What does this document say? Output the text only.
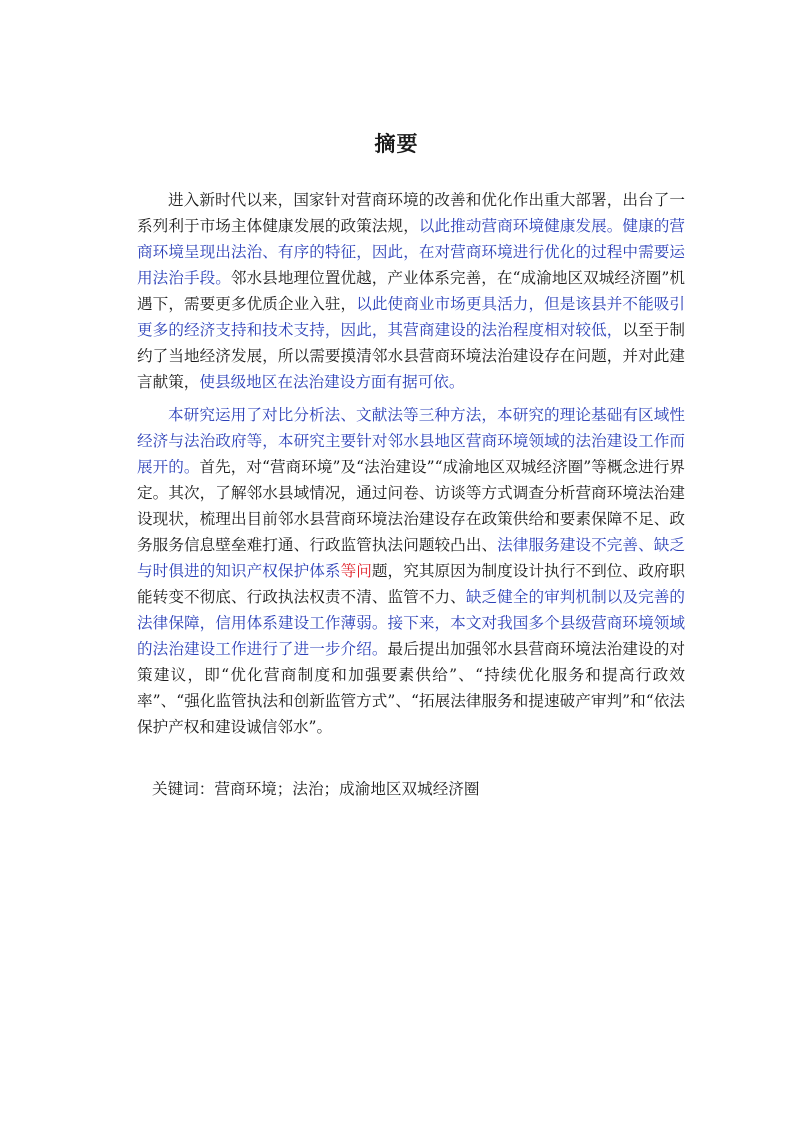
摘要

进入新时代以来，国家针对营商环境的改善和优化作出重大部署，出台了一系列利于市场主体健康发展的政策法规，以此推动营商环境健康发展。健康的营商环境呈现出法治、有序的特征，因此，在对营商环境进行优化的过程中需要运用法治手段。邻水县地理位置优越，产业体系完善，在“成渝地区双城经济圈”机遇下，需要更多优质企业入驻，以此使商业市场更具活力，但是该县并不能吸引更多的经济支持和技术支持，因此，其营商建设的法治程度相对较低，以至于制约了当地经济发展，所以需要摸清邻水县营商环境法治建设存在问题，并对此建言献策，使县级地区在法治建设方面有据可依。

本研究运用了对比分析法、文献法等三种方法，本研究的理论基础有区域性经济与法治政府等，本研究主要针对邻水县地区营商环境领域的法治建设工作而展开的。首先，对“营商环境”及“法治建设”“成渝地区双城经济圈”等概念进行界定。其次，了解邻水县域情况，通过问卷、访谈等方式调查分析营商环境法治建设现状，梳理出目前邻水县营商环境法治建设存在政策供给和要素保障不足、政务服务信息壁垒难打通、行政监管执法问题较凸出、法律服务建设不完善、缺乏与时俱进的知识产权保护体系等问题，究其原因为制度设计执行不到位、政府职能转变不彻底、行政执法权责不清、监管不力、缺乏健全的审判机制以及完善的法律保障，信用体系建设工作薄弱。接下来，本文对我国多个县级营商环境领域的法治建设工作进行了进一步介绍。最后提出加强邻水县营商环境法治建设的对策建议，即“优化营商制度和加强要素供给”、“持续优化服务和提高行政效率”、“强化监管执法和创新监管方式”、“拓展法律服务和提速破产审判”和“依法保护产权和建设诚信邻水”。

关键词：营商环境；法治；成渝地区双城经济圈
